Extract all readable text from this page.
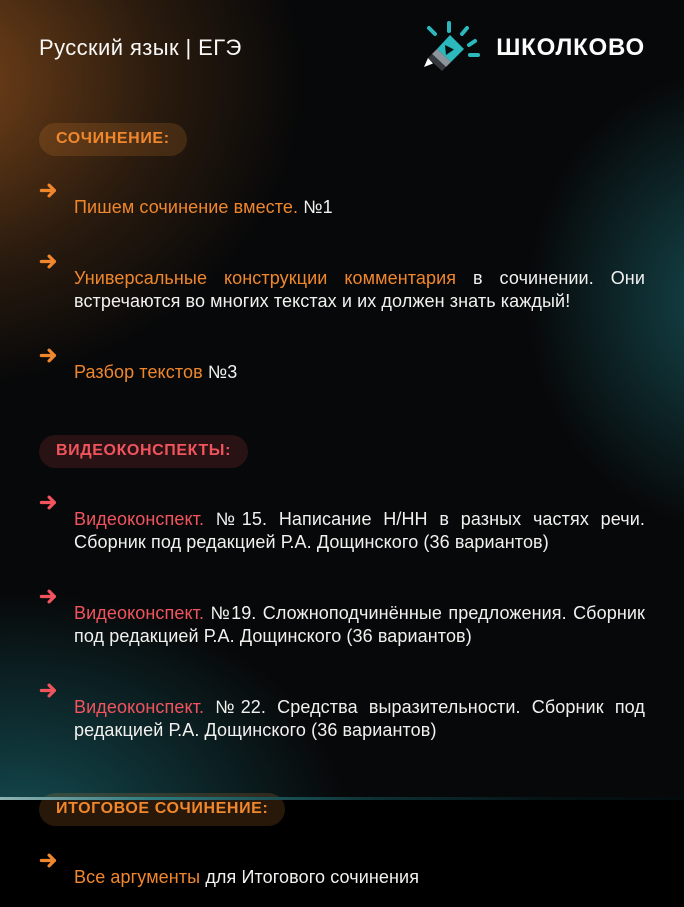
Русский язык | ЕГЭ	ШКОЛКОВО
СОЧИНЕНИЕ:

Пишем сочинение вместе. №1

Универсальные конструкции комментария в сочинении. Они встречаются во многих текстах и их должен знать каждый!

Разбор текстов №3

ВИДЕОКОНСПЕКТЫ:

Видеоконспект. №15. Написание Н/НН в разных частях речи. Сборник под редакцией Р.А. Дощинского (36 вариантов)

Видеоконспект. №19. Сложноподчинённые предложения. Сборник под редакцией Р.А. Дощинского (36 вариантов)

Видеоконспект. №22. Средства выразительности. Сборник под редакцией Р.А. Дощинского (36 вариантов)

ИТОГОВОЕ СОЧИНЕНИЕ:

Все аргументы для Итогового сочинения
